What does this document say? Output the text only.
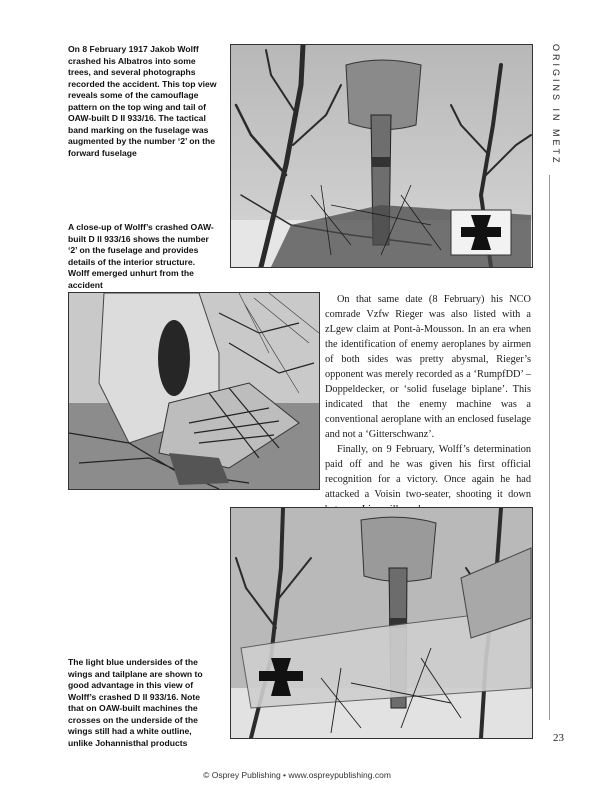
On 8 February 1917 Jakob Wolff crashed his Albatros into some trees, and several photographs recorded the accident. This top view reveals some of the camouflage pattern on the top wing and tail of OAW-built D II 933/16. The tactical band marking on the fuselage was augmented by the number ‘2’ on the forward fuselage
A close-up of Wolff’s crashed OAW-built D II 933/16 shows the number ‘2’ on the fuselage and provides details of the interior structure. Wolff emerged unhurt from the accident

On that same date (8 February) his NCO comrade Vzfw Rieger was also listed with a zLgew claim at Pont-à-Mousson. In an era when the identification of enemy aeroplanes by airmen of both sides was pretty abysmal, Rieger’s opponent was merely recorded as a ‘RumpfDD’ – Doppeldecker, or ‘solid fuselage biplane’. This indicated that the enemy machine was a conventional aeroplane with an enclosed fuselage and not a ‘Gitterschwanz’.

Finally, on 9 February, Wolff’s determination paid off and he was given his first official recognition for a victory. Once again he had attacked a Voisin two-seater, shooting it down

The light blue undersides of the wings and tailplane are shown to good advantage in this view of Wolff’s crashed D II 933/16. Note that on OAW-built machines the crosses on the underside of the wings still had a white outline, unlike Johannisthal products
ORIGINS IN METZ
23
© Osprey Publishing • www.ospreypublishing.com
